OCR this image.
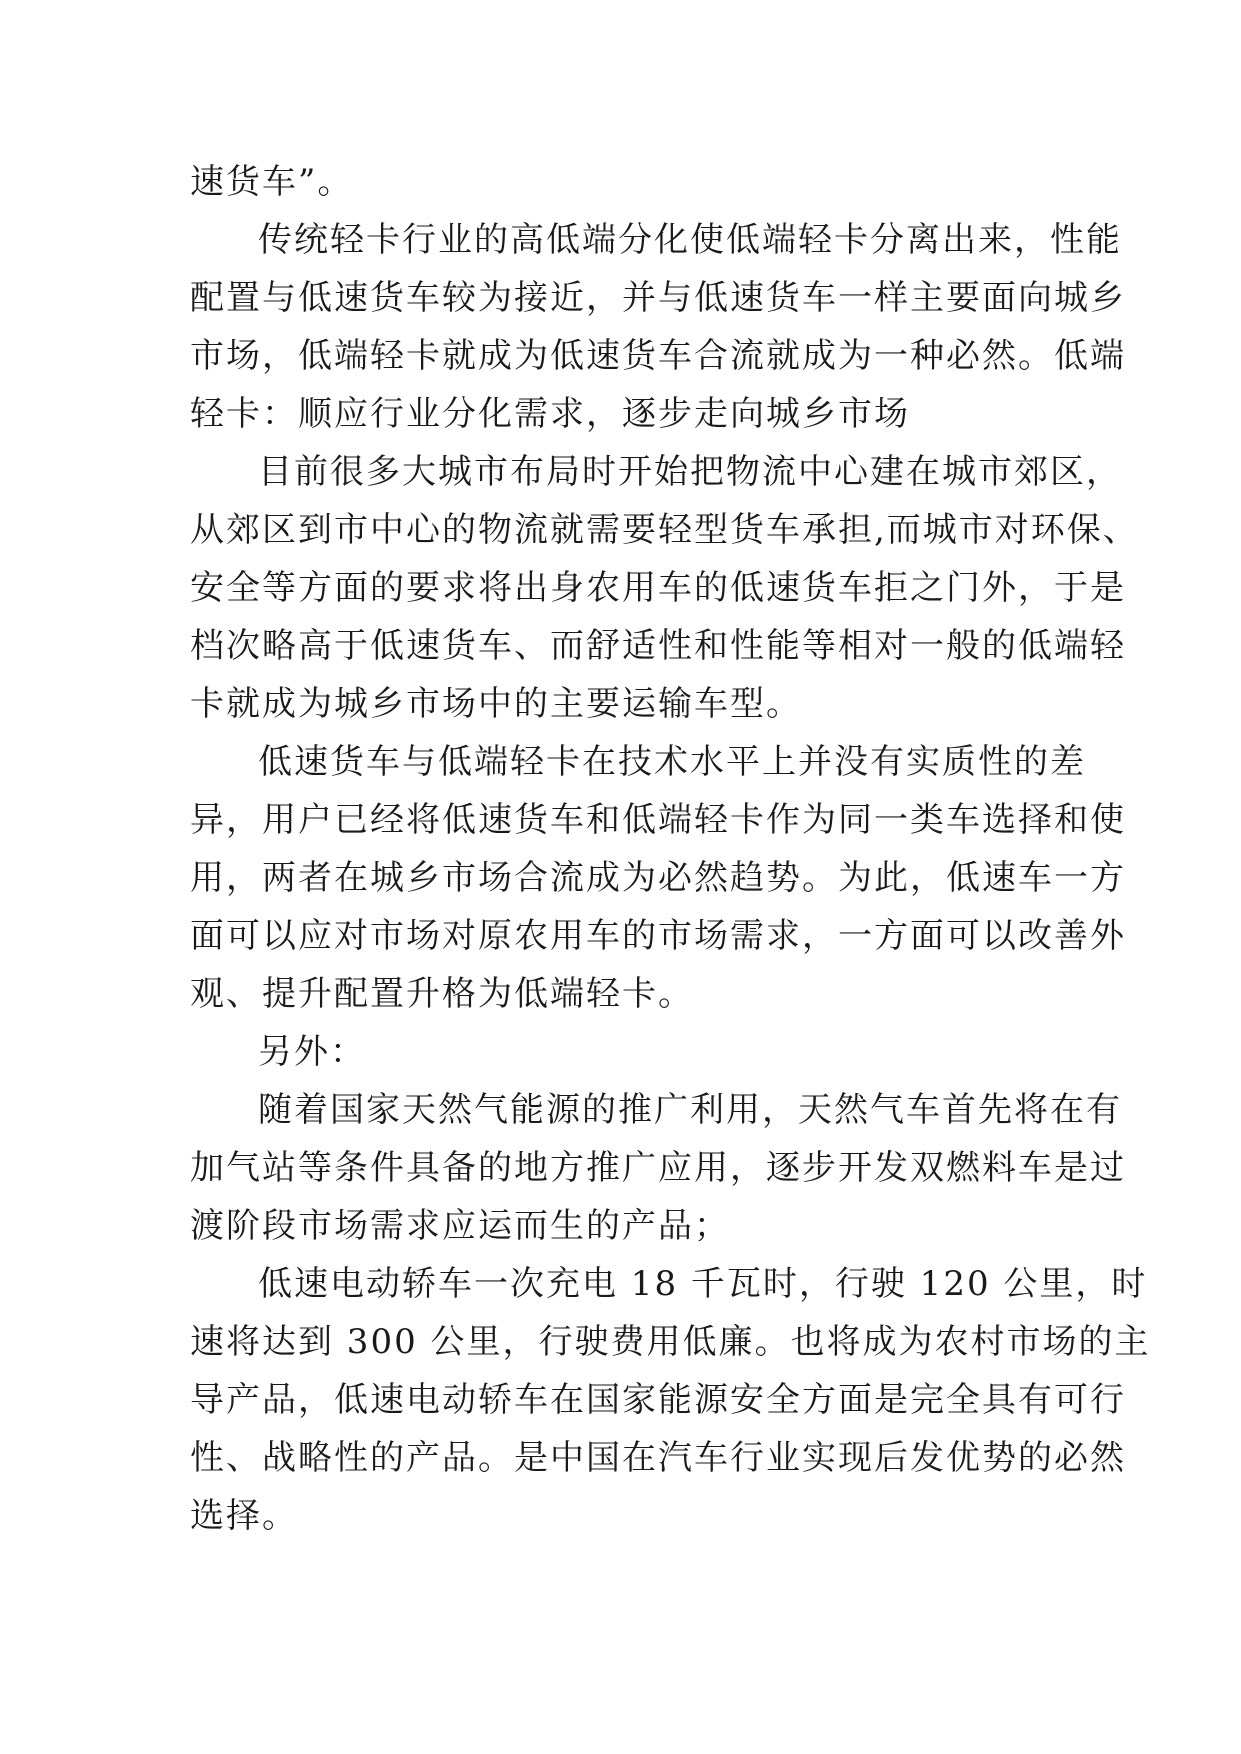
速货车”。
传统轻卡行业的高低端分化使低端轻卡分离出来，性能
配置与低速货车较为接近，并与低速货车一样主要面向城乡
市场，低端轻卡就成为低速货车合流就成为一种必然。低端
轻卡：顺应行业分化需求，逐步走向城乡市场
目前很多大城市布局时开始把物流中心建在城市郊区，
从郊区到市中心的物流就需要轻型货车承担,而城市对环保、
安全等方面的要求将出身农用车的低速货车拒之门外，于是
档次略高于低速货车、而舒适性和性能等相对一般的低端轻
卡就成为城乡市场中的主要运输车型。
低速货车与低端轻卡在技术水平上并没有实质性的差
异，用户已经将低速货车和低端轻卡作为同一类车选择和使
用，两者在城乡市场合流成为必然趋势。为此，低速车一方
面可以应对市场对原农用车的市场需求，一方面可以改善外
观、提升配置升格为低端轻卡。
另外：
随着国家天然气能源的推广利用，天然气车首先将在有
加气站等条件具备的地方推广应用，逐步开发双燃料车是过
渡阶段市场需求应运而生的产品；
低速电动轿车一次充电 18 千瓦时，行驶 120 公里，时
速将达到 300 公里，行驶费用低廉。也将成为农村市场的主
导产品，低速电动轿车在国家能源安全方面是完全具有可行
性、战略性的产品。是中国在汽车行业实现后发优势的必然
选择。
